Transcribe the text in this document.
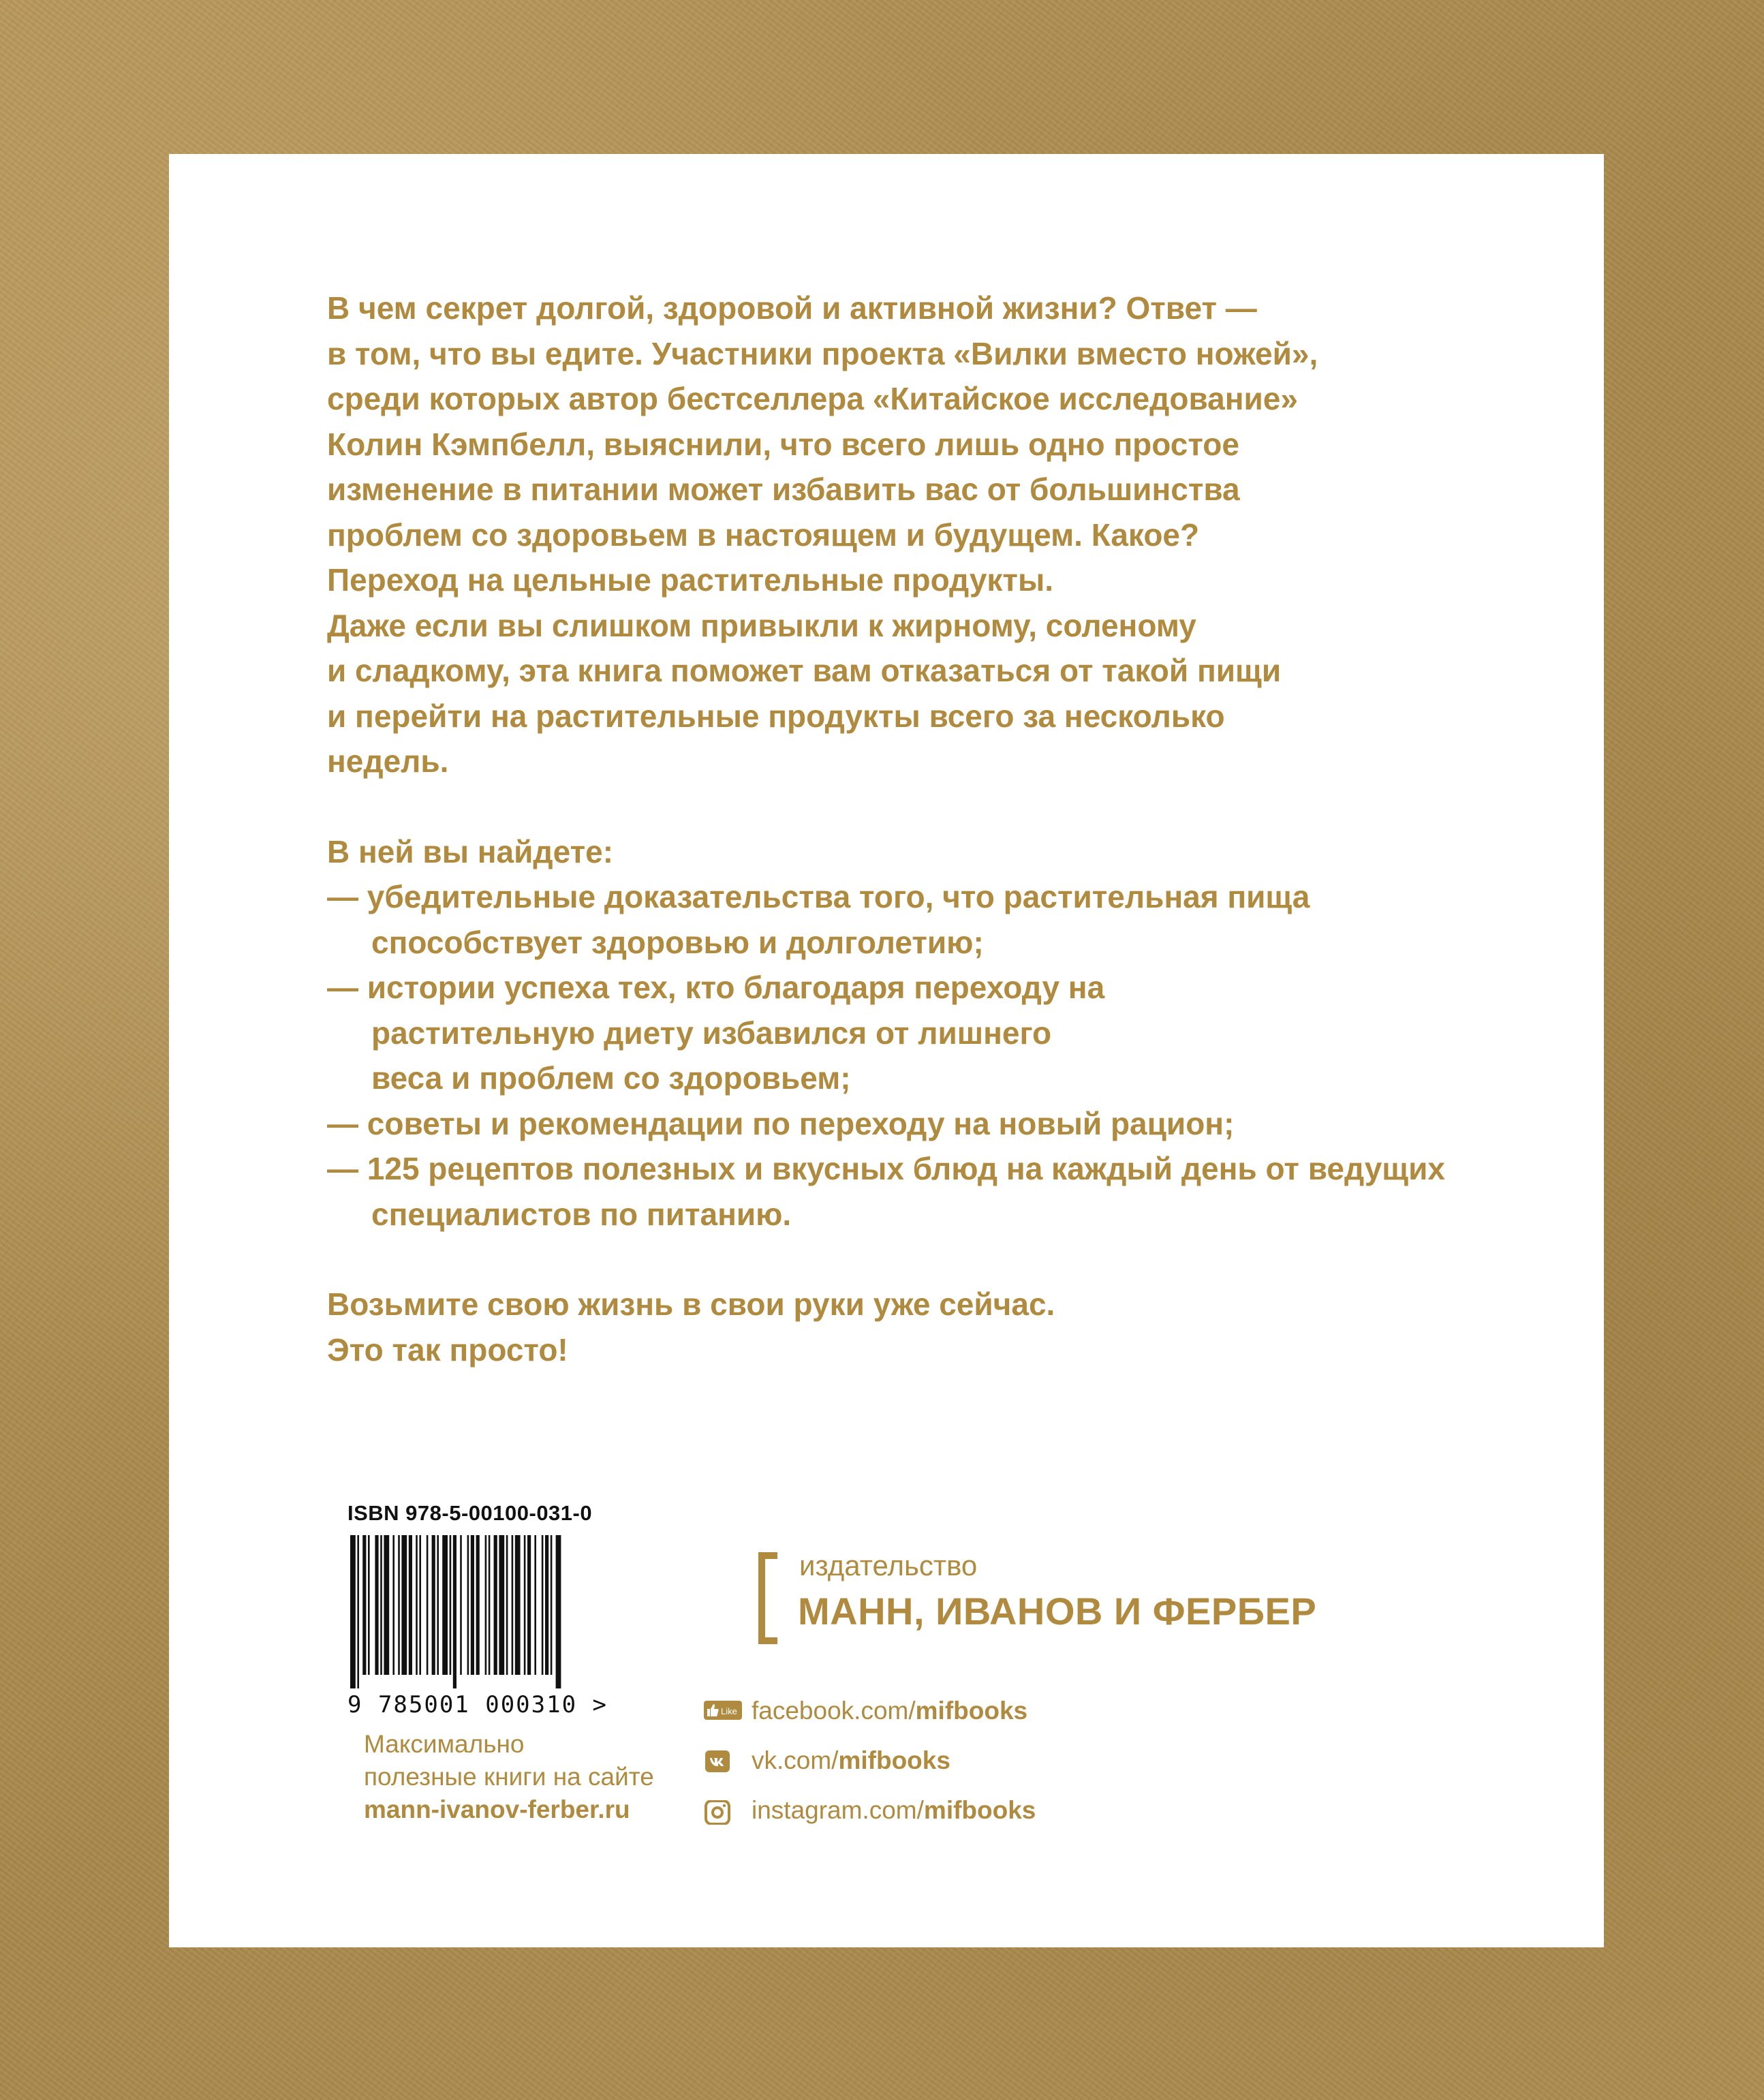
В чем секрет долгой, здоровой и активной жизни? Ответ —

в том, что вы едите. Участники проекта «Вилки вместо ножей»,

среди которых автор бестселлера «Китайское исследование»

Колин Кэмпбелл, выяснили, что всего лишь одно простое

изменение в питании может избавить вас от большинства

проблем со здоровьем в настоящем и будущем. Какое?

Переход на цельные растительные продукты.

Даже если вы слишком привыкли к жирному, соленому

и сладкому, эта книга поможет вам отказаться от такой пищи

и перейти на растительные продукты всего за несколько

недель.

В ней вы найдете:

— убедительные доказательства того, что растительная пища способствует здоровью и долголетию;
— истории успеха тех, кто благодаря переходу на растительную диету избавился от лишнего веса и проблем со здоровьем;
— советы и рекомендации по переходу на новый рацион;
— 125 рецептов полезных и вкусных блюд на каждый день от ведущих специалистов по питанию.

Возьмите свою жизнь в свои руки уже сейчас.

Это так просто!

ISBN 978-5-00100-031-0
9 785001 000310 >
Максимально
полезные книги на сайте
mann-ivanov-ferber.ru
издательство
МАНН, ИВАНОВ И ФЕРБЕР
Like facebook.com/mifbooks
vk.com/mifbooks
instagram.com/mifbooks
